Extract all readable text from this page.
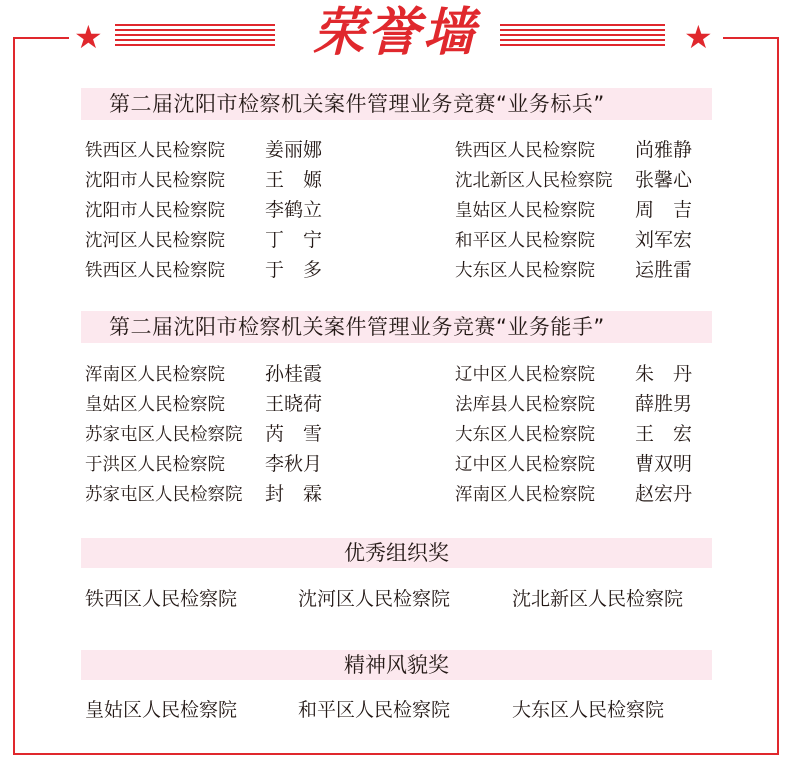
★	★
荣誉墙
第二届沈阳市检察机关案件管理业务竞赛“业务标兵”
铁西区人民检察院 姜丽娜
沈阳市人民检察院 王　嫄
沈阳市人民检察院 李鹤立
沈河区人民检察院 丁　宁
铁西区人民检察院 于　多
铁西区人民检察院 尚雅静
沈北新区人民检察院 张馨心
皇姑区人民检察院 周　吉
和平区人民检察院 刘军宏
大东区人民检察院 运胜雷
第二届沈阳市检察机关案件管理业务竞赛“业务能手”
浑南区人民检察院 孙桂霞
皇姑区人民检察院 王晓荷
苏家屯区人民检察院 芮　雪
于洪区人民检察院 李秋月
苏家屯区人民检察院 封　霖
辽中区人民检察院 朱　丹
法库县人民检察院 薛胜男
大东区人民检察院 王　宏
辽中区人民检察院 曹双明
浑南区人民检察院 赵宏丹
优秀组织奖
铁西区人民检察院	沈河区人民检察院	沈北新区人民检察院
精神风貌奖
皇姑区人民检察院	和平区人民检察院	大东区人民检察院
